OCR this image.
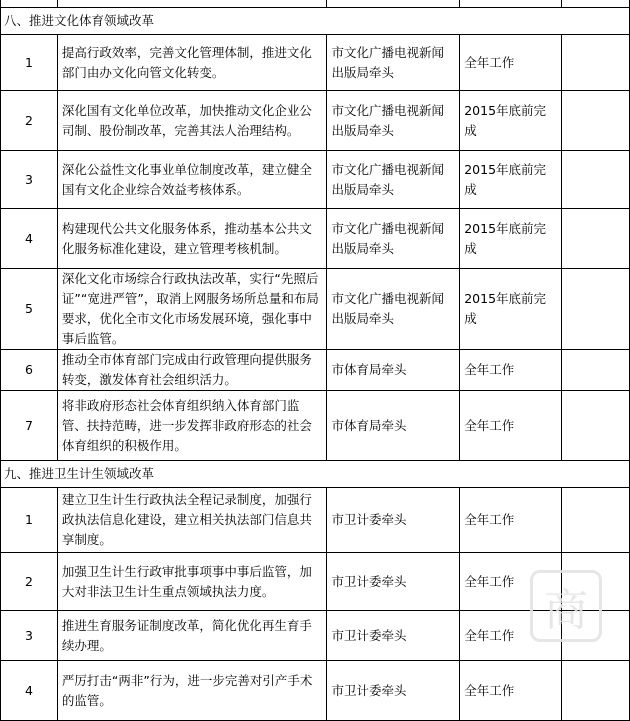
八、推进文化体育领域改革				
1	提高行政效率，完善文化管理体制，推进文化部门由办文化向管文化转变。	市文化广播电视新闻出版局牵头	全年工作	
2	深化国有文化单位改革，加快推动文化企业公司制、股份制改革，完善其法人治理结构。	市文化广播电视新闻出版局牵头	2015年底前完成	
3	深化公益性文化事业单位制度改革，建立健全国有文化企业综合效益考核体系。	市文化广播电视新闻出版局牵头	2015年底前完成	
4	构建现代公共文化服务体系，推动基本公共文化服务标准化建设，建立管理考核机制。	市文化广播电视新闻出版局牵头	2015年底前完成	
5	深化文化市场综合行政执法改革，实行“先照后证”“宽进严管”，取消上网服务场所总量和布局要求，优化全市文化市场发展环境，强化事中事后监管。	市文化广播电视新闻出版局牵头	2015年底前完成	
6	推动全市体育部门完成由行政管理向提供服务转变，激发体育社会组织活力。	市体育局牵头	全年工作	
7	将非政府形态社会体育组织纳入体育部门监管、扶持范畴，进一步发挥非政府形态的社会体育组织的积极作用。	市体育局牵头	全年工作	
九、推进卫生计生领域改革				
1	建立卫生计生行政执法全程记录制度，加强行政执法信息化建设，建立相关执法部门信息共享制度。	市卫计委牵头	全年工作	
2	加强卫生计生行政审批事项事中事后监管，加大对非法卫生计生重点领域执法力度。	市卫计委牵头	全年工作	
3	推进生育服务证制度改革，简化优化再生育手续办理。	市卫计委牵头	全年工作	
4	严厉打击“两非”行为，进一步完善对引产手术的监管。	市卫计委牵头	全年工作	
商
